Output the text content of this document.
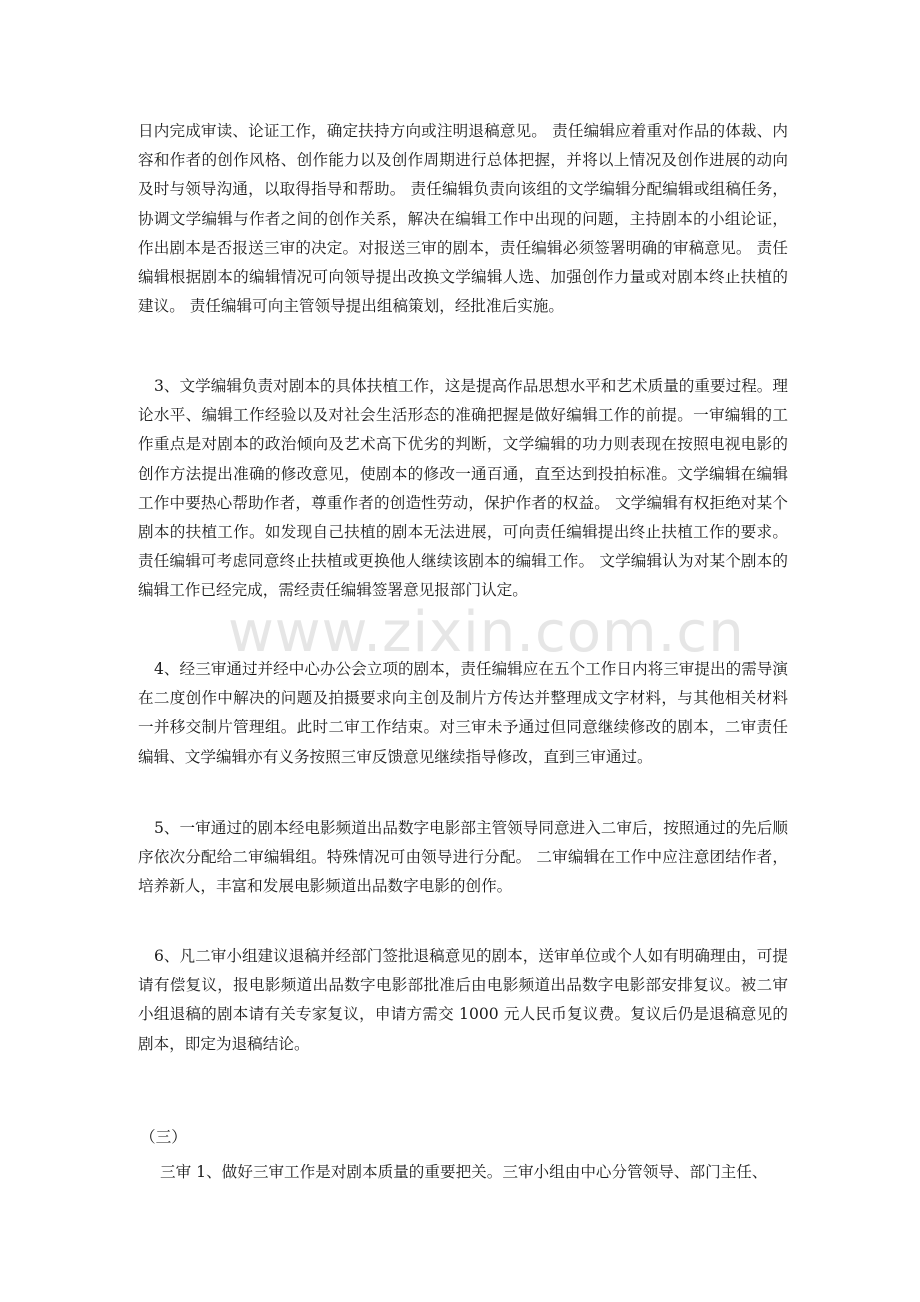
www.zixin.com.cn

日内完成审读、论证工作，确定扶持方向或注明退稿意见。 责任编辑应着重对作品的体裁、内容和作者的创作风格、创作能力以及创作周期进行总体把握，并将以上情况及创作进展的动向及时与领导沟通，以取得指导和帮助。 责任编辑负责向该组的文学编辑分配编辑或组稿任务，协调文学编辑与作者之间的创作关系，解决在编辑工作中出现的问题，主持剧本的小组论证，作出剧本是否报送三审的决定。对报送三审的剧本，责任编辑必须签署明确的审稿意见。 责任编辑根据剧本的编辑情况可向领导提出改换文学编辑人选、加强创作力量或对剧本终止扶植的建议。 责任编辑可向主管领导提出组稿策划，经批准后实施。

3、文学编辑负责对剧本的具体扶植工作，这是提高作品思想水平和艺术质量的重要过程。理论水平、编辑工作经验以及对社会生活形态的准确把握是做好编辑工作的前提。一审编辑的工作重点是对剧本的政治倾向及艺术高下优劣的判断，文学编辑的功力则表现在按照电视电影的创作方法提出准确的修改意见，使剧本的修改一通百通，直至达到投拍标准。文学编辑在编辑工作中要热心帮助作者，尊重作者的创造性劳动，保护作者的权益。 文学编辑有权拒绝对某个剧本的扶植工作。如发现自己扶植的剧本无法进展，可向责任编辑提出终止扶植工作的要求。责任编辑可考虑同意终止扶植或更换他人继续该剧本的编辑工作。 文学编辑认为对某个剧本的编辑工作已经完成，需经责任编辑签署意见报部门认定。

4、经三审通过并经中心办公会立项的剧本，责任编辑应在五个工作日内将三审提出的需导演在二度创作中解决的问题及拍摄要求向主创及制片方传达并整理成文字材料，与其他相关材料一并移交制片管理组。此时二审工作结束。对三审未予通过但同意继续修改的剧本，二审责任编辑、文学编辑亦有义务按照三审反馈意见继续指导修改，直到三审通过。

5、一审通过的剧本经电影频道出品数字电影部主管领导同意进入二审后，按照通过的先后顺序依次分配给二审编辑组。特殊情况可由领导进行分配。 二审编辑在工作中应注意团结作者，培养新人，丰富和发展电影频道出品数字电影的创作。

6、凡二审小组建议退稿并经部门签批退稿意见的剧本，送审单位或个人如有明确理由，可提请有偿复议，报电影频道出品数字电影部批准后由电影频道出品数字电影部安排复议。被二审小组退稿的剧本请有关专家复议，申请方需交 1000 元人民币复议费。复议后仍是退稿意见的剧本，即定为退稿结论。

（三）

三审 1、做好三审工作是对剧本质量的重要把关。三审小组由中心分管领导、部门主任、
